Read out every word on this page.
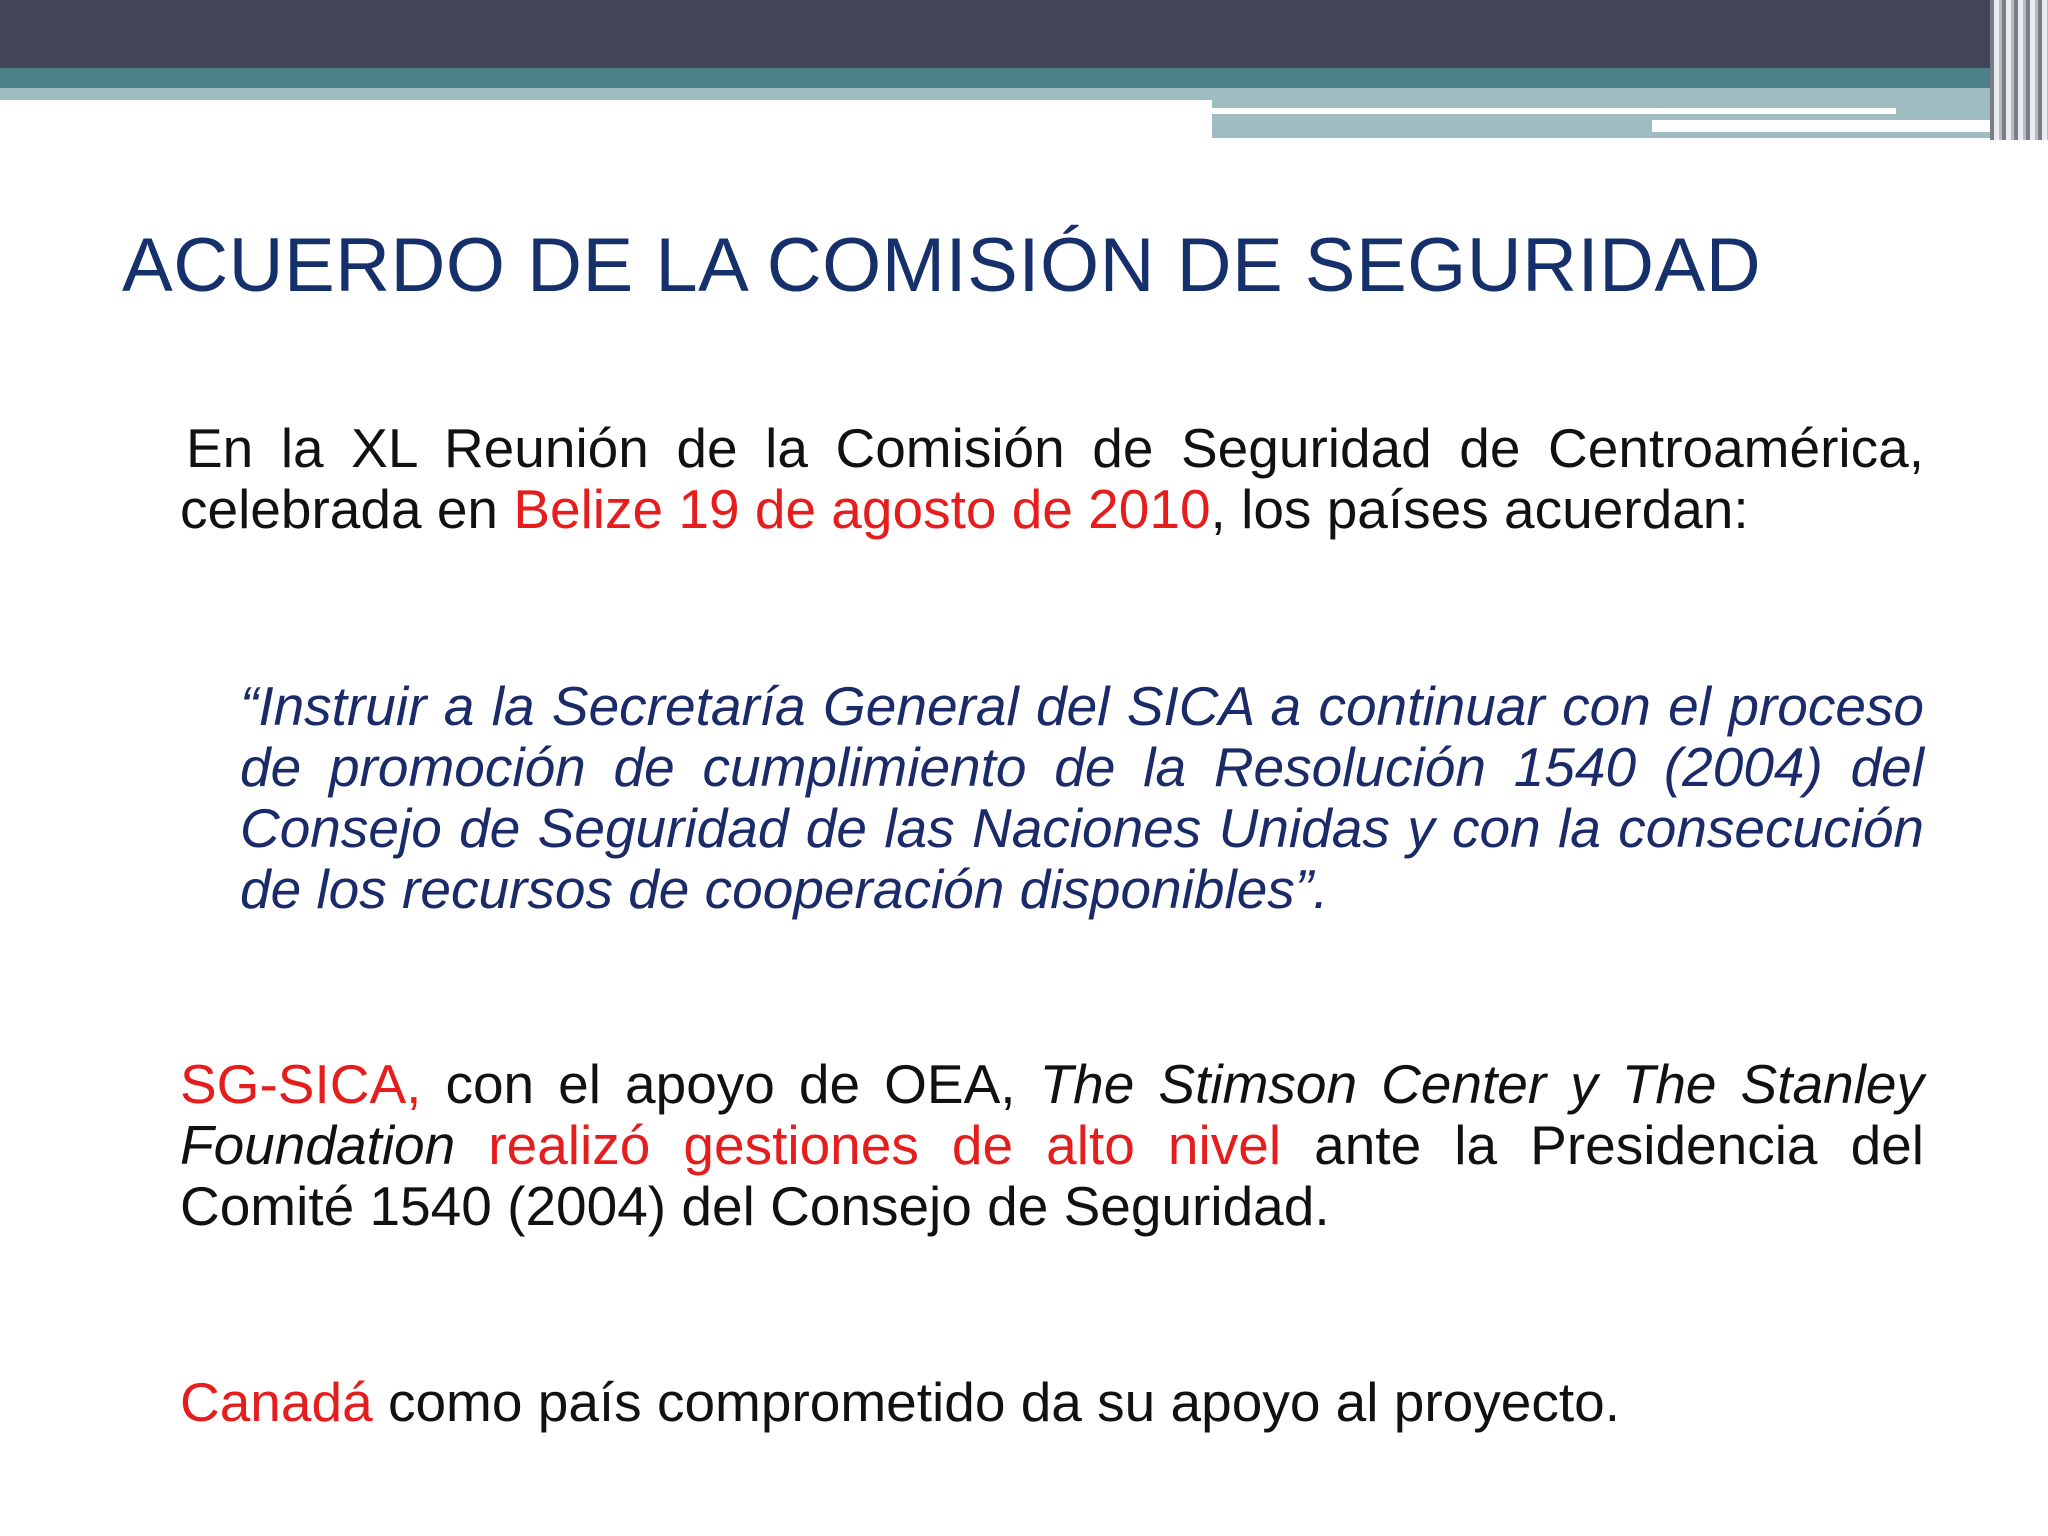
ACUERDO DE LA COMISIÓN DE SEGURIDAD

En la XL Reunión de la Comisión de Seguridad de Centroamérica, celebrada en Belize 19 de agosto de 2010, los países acuerdan:

“Instruir a la Secretaría General del SICA a continuar con el proceso de promoción de cumplimiento de la Resolución 1540 (2004) del Consejo de Seguridad de las Naciones Unidas y con la consecución de los recursos de cooperación disponibles”.

SG-SICA, con el apoyo de OEA, The Stimson Center y The Stanley Foundation realizó gestiones de alto nivel ante la Presidencia del Comité 1540 (2004) del Consejo de Seguridad.

Canadá como país comprometido da su apoyo al proyecto.
